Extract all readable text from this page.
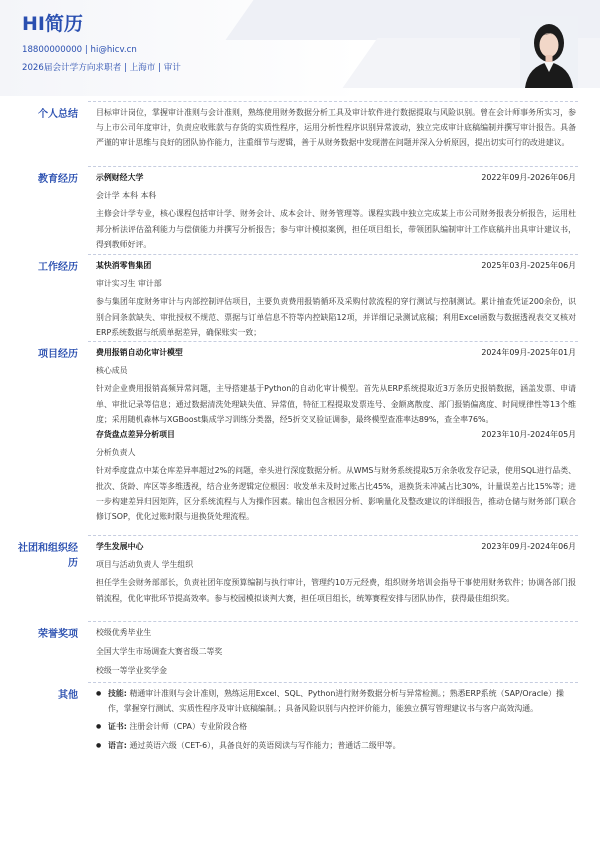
HI简历
18800000000 | hi@hicv.cn
2026届会计学方向求职者 | 上海市 | 审计
个人总结 目标审计岗位，掌握审计准则与会计准则，熟练使用财务数据分析工具及审计软件进行数据提取与风险识别。曾在会计师事务所实习，参与上市公司年度审计，负责应收账款与存货的实质性程序，运用分析性程序识别异常波动，独立完成审计底稿编制并撰写审计报告。具备严谨的审计思维与良好的团队协作能力，注重细节与逻辑，善于从财务数据中发现潜在问题并深入分析原因，提出切实可行的改进建议。
教育经历 示例财经大学	2022年09月-2026年06月
会计学 本科 本科
主修会计学专业，核心课程包括审计学、财务会计、成本会计、财务管理等。课程实践中独立完成某上市公司财务报表分析报告，运用杜邦分析法评估盈利能力与偿债能力并撰写分析报告；参与审计模拟案例，担任项目组长，带领团队编制审计工作底稿并出具审计建议书，得到教师好评。
工作经历 某快消零售集团	2025年03月-2025年06月
审计实习生 审计部
参与集团年度财务审计与内部控制评估项目，主要负责费用报销循环及采购付款流程的穿行测试与控制测试。累计抽查凭证200余份，识别合同条款缺失、审批授权不规范、票据与订单信息不符等内控缺陷12项，并详细记录测试底稿；利用Excel函数与数据透视表交叉核对ERP系统数据与纸质单据差异，确保账实一致；
项目经历 费用报销自动化审计模型	2024年09月-2025年01月
核心成员
针对企业费用报销高频异常问题，主导搭建基于Python的自动化审计模型。首先从ERP系统提取近3万条历史报销数据，涵盖发票、申请单、审批记录等信息；通过数据清洗处理缺失值、异常值，特征工程提取发票连号、金额离散度、部门报销偏离度、时间规律性等13个维度；采用随机森林与XGBoost集成学习训练分类器，经5折交叉验证调参，最终模型查准率达89%，查全率76%。
存货盘点差异分析项目	2023年10月-2024年05月
分析负责人
针对季度盘点中某仓库差异率超过2%的问题，牵头进行深度数据分析。从WMS与财务系统提取5万余条收发存记录，使用SQL进行品类、批次、货龄、库区等多维透视，结合业务逻辑定位根因：收发单未及时过账占比45%，退换货未冲减占比30%，计量误差占比15%等；进一步构建差异归因矩阵，区分系统流程与人为操作因素。输出包含根因分析、影响量化及整改建议的详细报告，推动仓储与财务部门联合修订SOP，优化过账时限与退换货处理流程。
社团和组织经历
学生发展中心	2023年09月-2024年06月
项目与活动负责人 学生组织
担任学生会财务部部长，负责社团年度预算编制与执行审计，管理约10万元经费，组织财务培训会指导干事使用财务软件；协调各部门报销流程，优化审批环节提高效率。参与校园模拟谈判大赛，担任项目组长，统筹赛程安排与团队协作，获得最佳组织奖。
荣誉奖项 校级优秀毕业生
全国大学生市场调查大赛省级二等奖
校级一等学业奖学金
其他
●	技能: 精通审计准则与会计准则，熟练运用Excel、SQL、Python进行财务数据分析与异常检测。；熟悉ERP系统（SAP/Oracle）操作，掌握穿行测试、实质性程序及审计底稿编制。；具备风险识别与内控评价能力，能独立撰写管理建议书与客户高效沟通。
● 证书: 注册会计师（CPA）专业阶段合格
● 语言: 通过英语六级（CET-6），具备良好的英语阅读与写作能力；普通话二级甲等。
